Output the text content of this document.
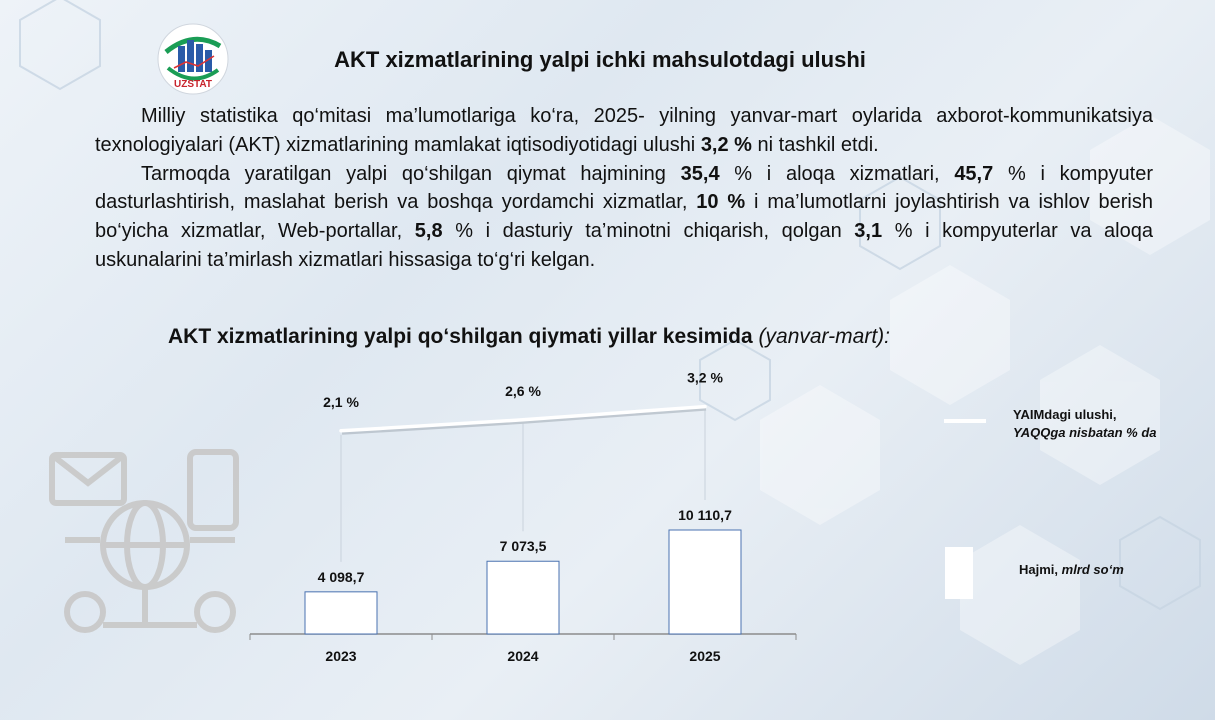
UZSTAT
AKT xizmatlarining yalpi ichki mahsulotdagi ulushi

Milliy statistika qo‘mitasi ma’lumotlariga ko‘ra, 2025- yilning yanvar-mart oylarida axborot-kommunikatsiya texnologiyalari (AKT) xizmatlarining mamlakat iqtisodiyotidagi ulushi 3,2 % ni tashkil etdi.

Tarmoqda yaratilgan yalpi qo‘shilgan qiymat hajmining 35,4 % i aloqa xizmatlari, 45,7 % i kompyuter dasturlashtirish, maslahat berish va boshqa yordamchi xizmatlar, 10 % i ma’lumotlarni joylashtirish va ishlov berish bo‘yicha xizmatlar, Web-portallar, 5,8 % i dasturiy ta’minotni chiqarish, qolgan 3,1 % i kompyuterlar va aloqa uskunalarini ta’mirlash xizmatlari hissasiga to‘g‘ri kelgan.

AKT xizmatlarining yalpi qo‘shilgan qiymati yillar kesimida (yanvar-mart):
4 098,7
2023
2,1 %
7 073,5
2024
2,6 %
10 110,7
2025
3,2 %
YAIMdagi ulushi,
YAQQga nisbatan % da
Hajmi, mlrd so‘m
